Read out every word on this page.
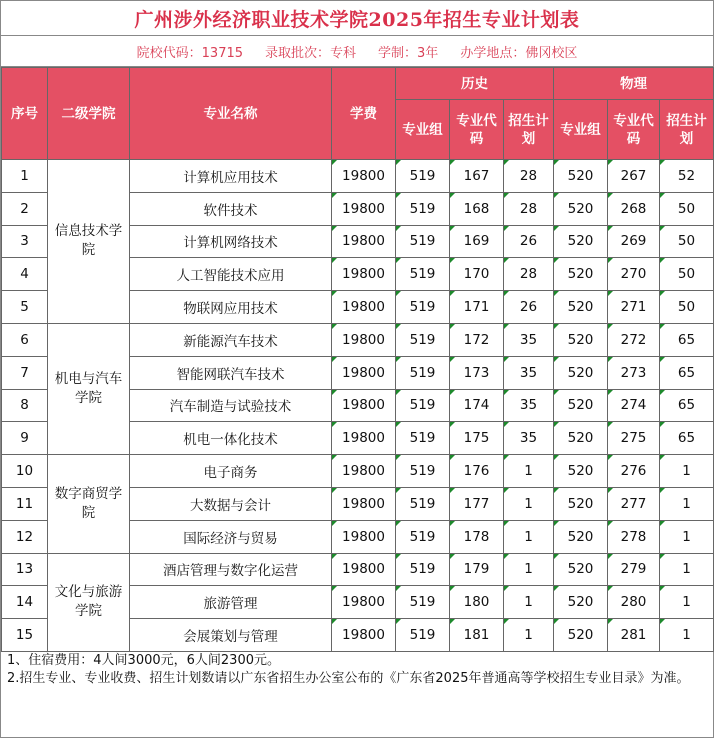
广州涉外经济职业技术学院2025年招生专业计划表
院校代码：13715 录取批次：专科 学制：3年 办学地点：佛冈校区
序号	二级学院	专业名称	学费	历史			物理		
				专业组	专业代码	招生计划	专业组	专业代码	招生计划
1	信息技术学院	计算机应用技术	19800	519	167	28	520	267	52
2		软件技术	19800	519	168	28	520	268	50
3		计算机网络技术	19800	519	169	26	520	269	50
4		人工智能技术应用	19800	519	170	28	520	270	50
5		物联网应用技术	19800	519	171	26	520	271	50
6	机电与汽车学院	新能源汽车技术	19800	519	172	35	520	272	65
7		智能网联汽车技术	19800	519	173	35	520	273	65
8		汽车制造与试验技术	19800	519	174	35	520	274	65
9		机电一体化技术	19800	519	175	35	520	275	65
10	数字商贸学院	电子商务	19800	519	176	1	520	276	1
11		大数据与会计	19800	519	177	1	520	277	1
12		国际经济与贸易	19800	519	178	1	520	278	1
13	文化与旅游学院	酒店管理与数字化运营	19800	519	179	1	520	279	1
14		旅游管理	19800	519	180	1	520	280	1
15		会展策划与管理	19800	519	181	1	520	281	1
1、住宿费用：4人间3000元，6人间2300元。
2.招生专业、专业收费、招生计划数请以广东省招生办公室公布的《广东省2025年普通高等学校招生专业目录》为准。
